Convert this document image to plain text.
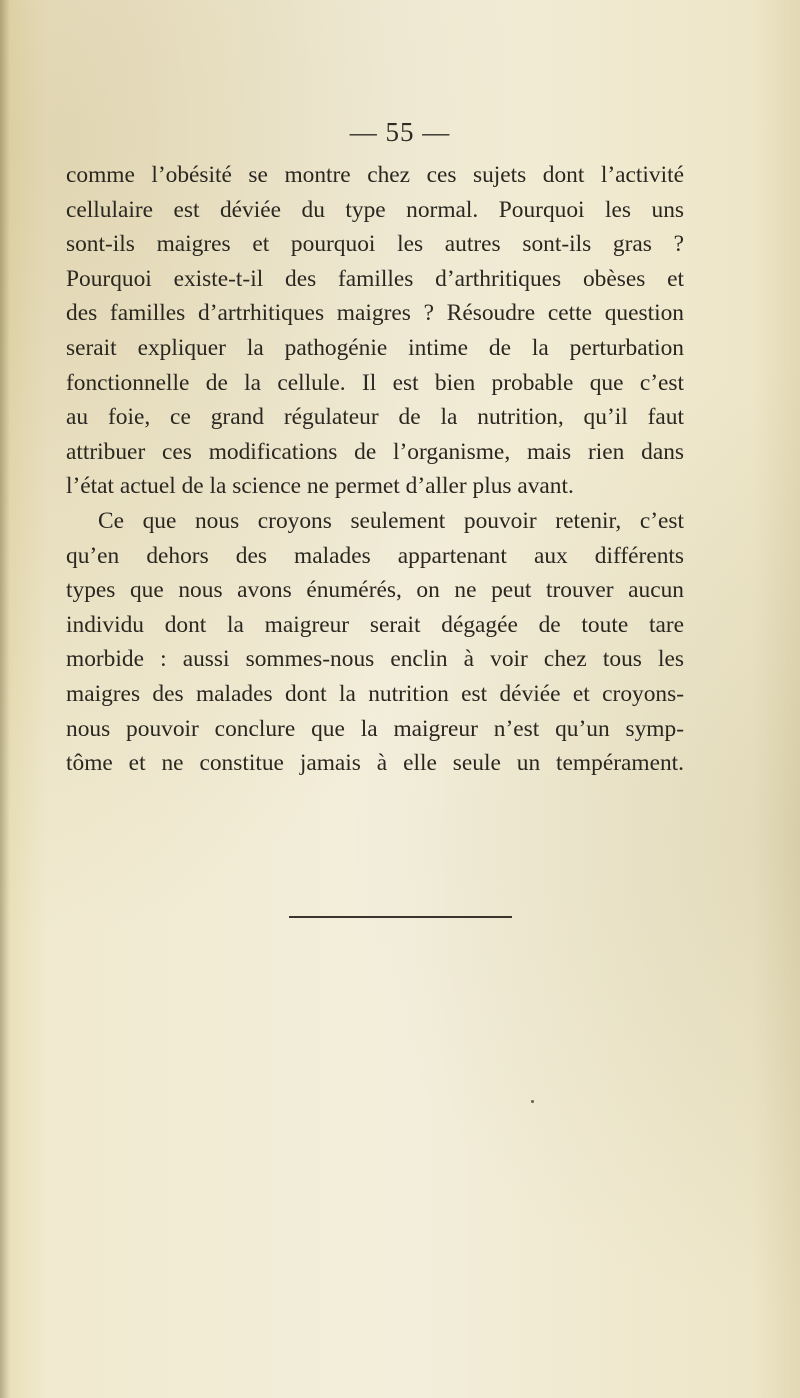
— 55 —
comme l’obésité se montre chez ces sujets dont l’activité
cellulaire est déviée du type normal. Pourquoi les uns
sont-ils maigres et pourquoi les autres sont-ils gras ?
Pourquoi existe-t-il des familles d’arthritiques obèses et
des familles d’artrhitiques maigres ? Résoudre cette question
serait expliquer la pathogénie intime de la perturbation
fonctionnelle de la cellule. Il est bien probable que c’est
au foie, ce grand régulateur de la nutrition, qu’il faut
attribuer ces modifications de l’organisme, mais rien dans
l’état actuel de la science ne permet d’aller plus avant.
Ce que nous croyons seulement pouvoir retenir, c’est
qu’en dehors des malades appartenant aux différents
types que nous avons énumérés, on ne peut trouver aucun
individu dont la maigreur serait dégagée de toute tare
morbide : aussi sommes-nous enclin à voir chez tous les
maigres des malades dont la nutrition est déviée et croyons-
nous pouvoir conclure que la maigreur n’est qu’un symp-
tôme et ne constitue jamais à elle seule un tempérament.
